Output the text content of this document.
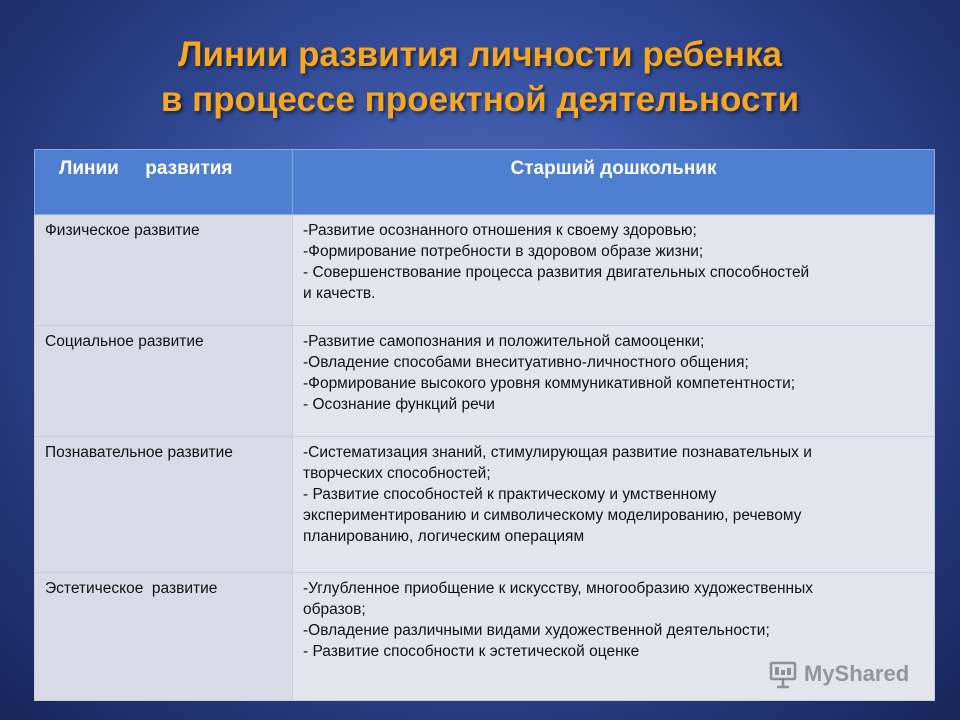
Линии развития личности ребенка
в процессе проектной деятельности
Линии     развития	Старший дошкольник
Физическое развитие	-Развитие осознанного отношения к своему здоровью;
-Формирование потребности в здоровом образе жизни;
- Совершенствование процесса развития двигательных способностей
и качеств.

Социальное развитие	-Развитие самопознания и положительной самооценки;
-Овладение способами внеситуативно-личностного общения;
-Формирование высокого уровня коммуникативной компетентности;
- Осознание функций речи

Познавательное развитие	-Систематизация знаний, стимулирующая развитие познавательных и
творческих способностей;
- Развитие способностей к практическому и умственному
экспериментированию и символическому моделированию, речевому
планированию, логическим операциям

Эстетическое  развитие	-Углубленное приобщение к искусству, многообразию художественных
образов;
-Овладение различными видами художественной деятельности;
- Развитие способности к эстетической оценке
MyShared
